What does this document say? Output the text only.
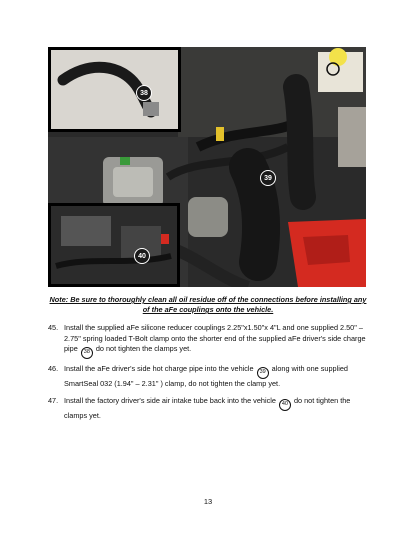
38
40
39
Note: Be sure to thoroughly clean all oil residue off of the connections before installing any of the aFe couplings onto the vehicle.
45. Install the supplied aFe silicone reducer couplings 2.25"x1.50"x 4"L and one supplied 2.50" – 2.75" spring loaded T-Bolt clamp onto the shorter end of the supplied aFe driver's side charge pipe 38 do not tighten the clamps yet.
46. Install the aFe driver's side hot charge pipe into the vehicle 39 along with one supplied SmartSeal 032 (1.94" – 2.31" ) clamp, do not tighten the clamp yet.
47. Install the factory driver's side air intake tube back into the vehicle 40 do not tighten the clamps yet.
13
